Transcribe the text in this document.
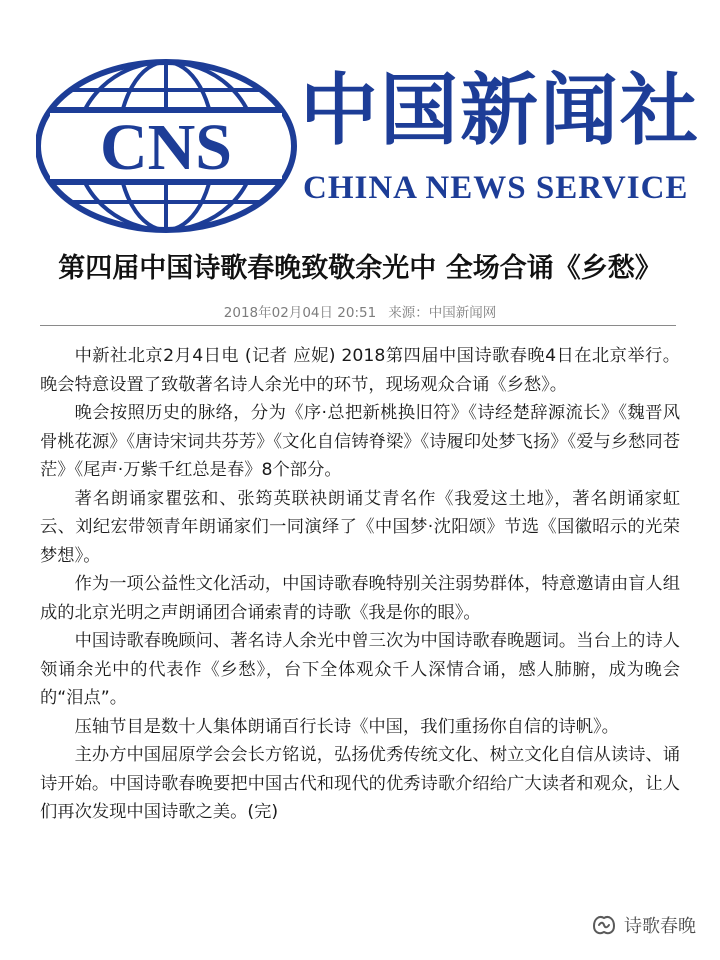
CNS 中国新闻社
CHINA NEWS SERVICE
第四届中国诗歌春晚致敬余光中 全场合诵《乡愁》
2018年02月04日 20:51 来源：中国新闻网

中新社北京2月4日电 (记者 应妮) 2018第四届中国诗歌春晚4日在北京举行。晚会特意设置了致敬著名诗人余光中的环节，现场观众合诵《乡愁》。

晚会按照历史的脉络，分为《序·总把新桃换旧符》《诗经楚辞源流长》《魏晋风骨桃花源》《唐诗宋词共芬芳》《文化自信铸脊梁》《诗履印处梦飞扬》《爱与乡愁同苍茫》《尾声·万紫千红总是春》8个部分。

著名朗诵家瞿弦和、张筠英联袂朗诵艾青名作《我爱这土地》，著名朗诵家虹云、刘纪宏带领青年朗诵家们一同演绎了《中国梦·沈阳颂》节选《国徽昭示的光荣梦想》。

作为一项公益性文化活动，中国诗歌春晚特别关注弱势群体，特意邀请由盲人组成的北京光明之声朗诵团合诵索青的诗歌《我是你的眼》。

中国诗歌春晚顾问、著名诗人余光中曾三次为中国诗歌春晚题词。当台上的诗人领诵余光中的代表作《乡愁》，台下全体观众千人深情合诵，感人肺腑，成为晚会的“泪点”。

压轴节目是数十人集体朗诵百行长诗《中国，我们重扬你自信的诗帆》。

主办方中国屈原学会会长方铭说，弘扬优秀传统文化、树立文化自信从读诗、诵诗开始。中国诗歌春晚要把中国古代和现代的优秀诗歌介绍给广大读者和观众，让人们再次发现中国诗歌之美。(完)

诗歌春晚
